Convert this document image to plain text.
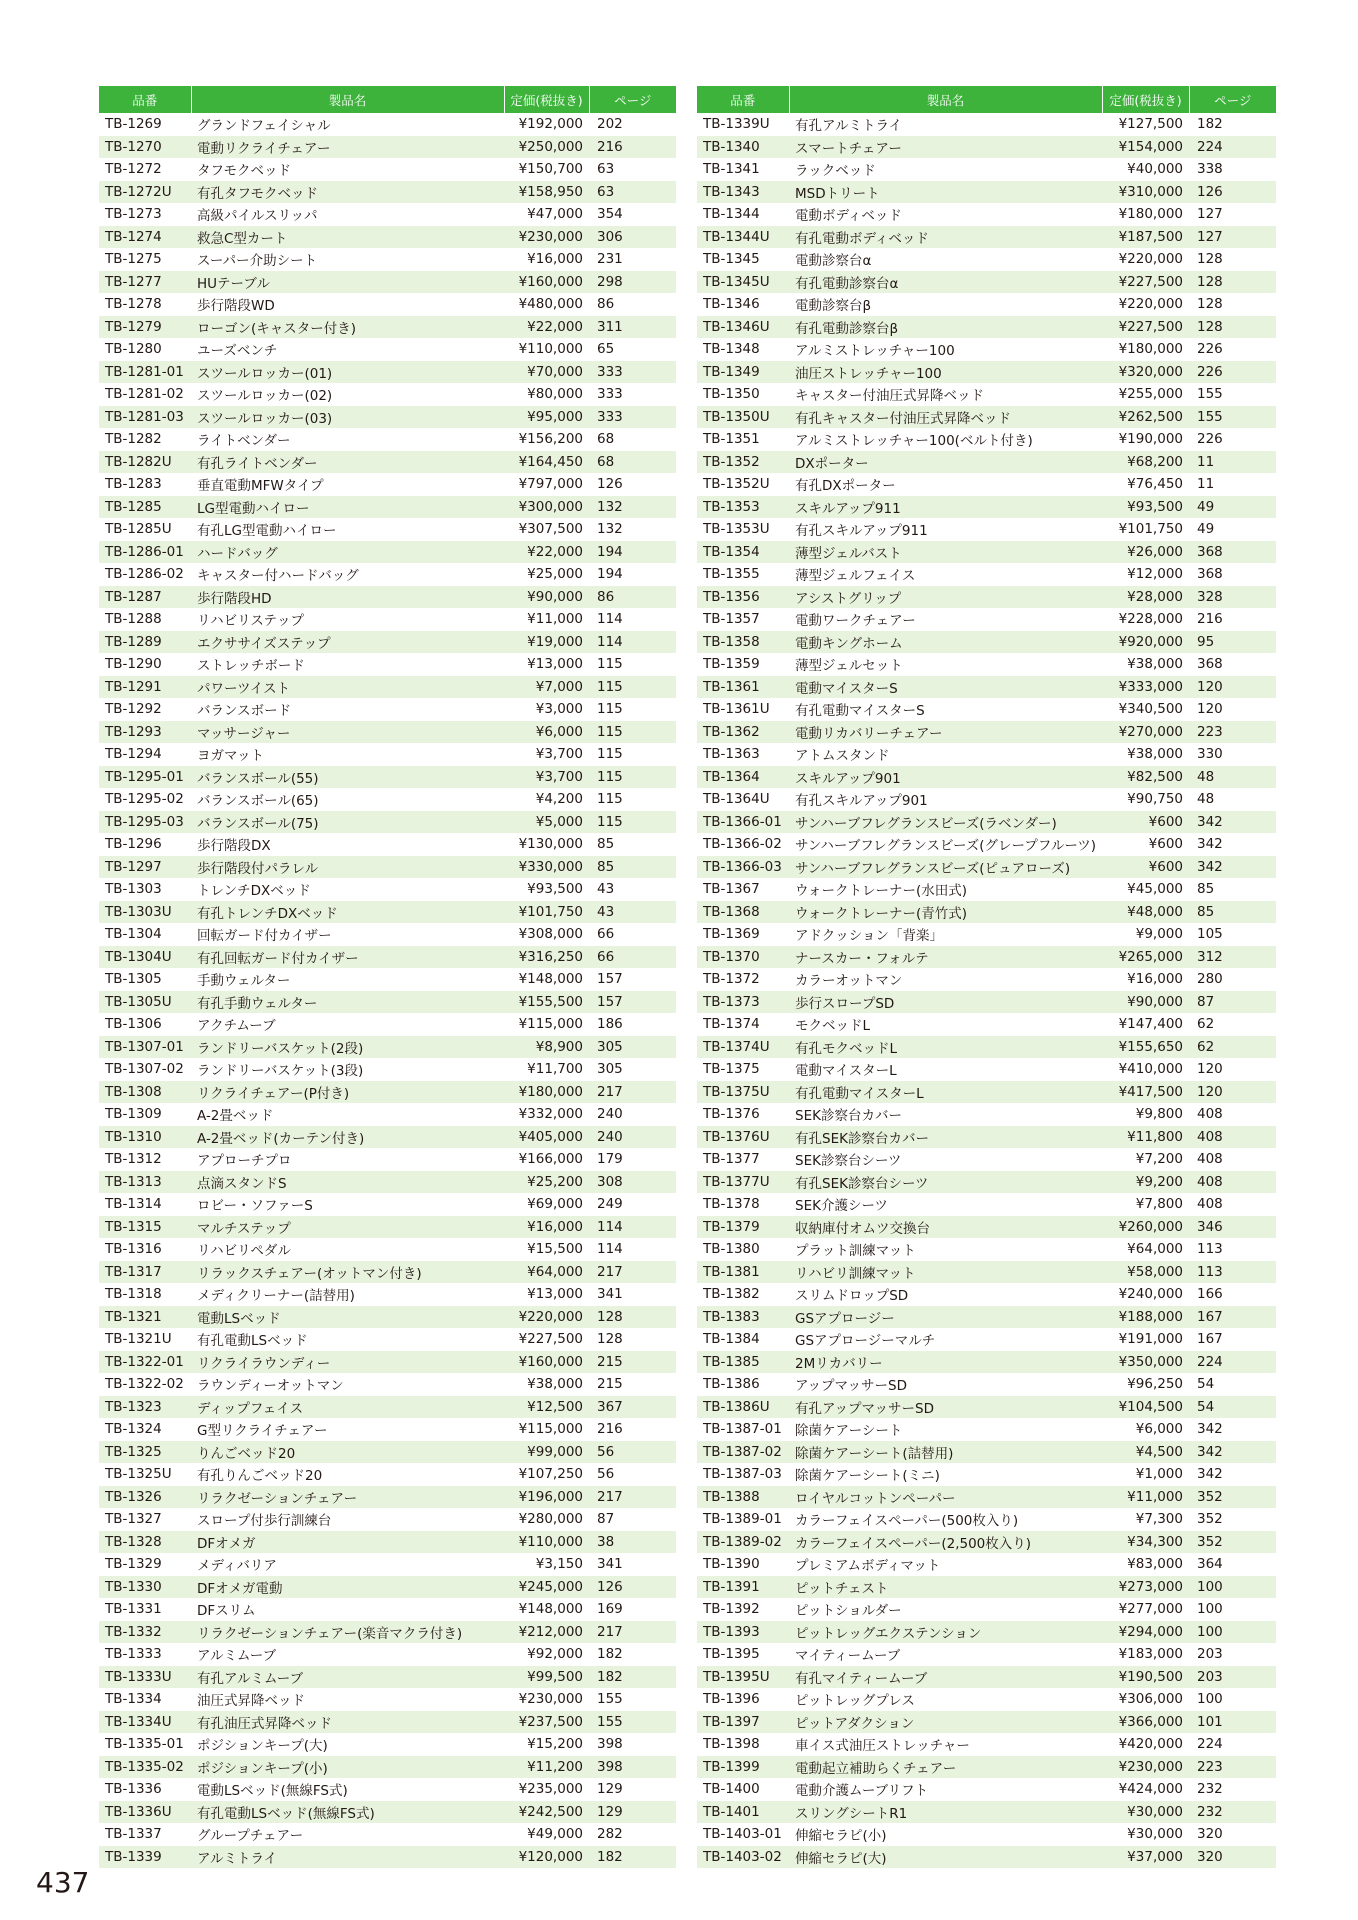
品番	製品名	定価(税抜き)	ページ
TB-1269	グランドフェイシャル	¥192,000	202
TB-1270	電動リクライチェアー	¥250,000	216
TB-1272	タフモクベッド	¥150,700	63
TB-1272U	有孔タフモクベッド	¥158,950	63
TB-1273	高級パイルスリッパ	¥47,000	354
TB-1274	救急C型カート	¥230,000	306
TB-1275	スーパー介助シート	¥16,000	231
TB-1277	HUテーブル	¥160,000	298
TB-1278	歩行階段WD	¥480,000	86
TB-1279	ローゴン(キャスター付き)	¥22,000	311
TB-1280	ユーズベンチ	¥110,000	65
TB-1281-01	スツールロッカー(01)	¥70,000	333
TB-1281-02	スツールロッカー(02)	¥80,000	333
TB-1281-03	スツールロッカー(03)	¥95,000	333
TB-1282	ライトベンダー	¥156,200	68
TB-1282U	有孔ライトベンダー	¥164,450	68
TB-1283	垂直電動MFWタイプ	¥797,000	126
TB-1285	LG型電動ハイロー	¥300,000	132
TB-1285U	有孔LG型電動ハイロー	¥307,500	132
TB-1286-01	ハードバッグ	¥22,000	194
TB-1286-02	キャスター付ハードバッグ	¥25,000	194
TB-1287	歩行階段HD	¥90,000	86
TB-1288	リハビリステップ	¥11,000	114
TB-1289	エクササイズステップ	¥19,000	114
TB-1290	ストレッチボード	¥13,000	115
TB-1291	パワーツイスト	¥7,000	115
TB-1292	バランスボード	¥3,000	115
TB-1293	マッサージャー	¥6,000	115
TB-1294	ヨガマット	¥3,700	115
TB-1295-01	バランスボール(55)	¥3,700	115
TB-1295-02	バランスボール(65)	¥4,200	115
TB-1295-03	バランスボール(75)	¥5,000	115
TB-1296	歩行階段DX	¥130,000	85
TB-1297	歩行階段付パラレル	¥330,000	85
TB-1303	トレンチDXベッド	¥93,500	43
TB-1303U	有孔トレンチDXベッド	¥101,750	43
TB-1304	回転ガード付カイザー	¥308,000	66
TB-1304U	有孔回転ガード付カイザー	¥316,250	66
TB-1305	手動ウェルター	¥148,000	157
TB-1305U	有孔手動ウェルター	¥155,500	157
TB-1306	アクチムーブ	¥115,000	186
TB-1307-01	ランドリーバスケット(2段)	¥8,900	305
TB-1307-02	ランドリーバスケット(3段)	¥11,700	305
TB-1308	リクライチェアー(P付き)	¥180,000	217
TB-1309	A-2畳ベッド	¥332,000	240
TB-1310	A-2畳ベッド(カーテン付き)	¥405,000	240
TB-1312	アプローチプロ	¥166,000	179
TB-1313	点滴スタンドS	¥25,200	308
TB-1314	ロビー・ソファーS	¥69,000	249
TB-1315	マルチステップ	¥16,000	114
TB-1316	リハビリペダル	¥15,500	114
TB-1317	リラックスチェアー(オットマン付き)	¥64,000	217
TB-1318	メディクリーナー(詰替用)	¥13,000	341
TB-1321	電動LSベッド	¥220,000	128
TB-1321U	有孔電動LSベッド	¥227,500	128
TB-1322-01	リクライラウンディー	¥160,000	215
TB-1322-02	ラウンディーオットマン	¥38,000	215
TB-1323	ディップフェイス	¥12,500	367
TB-1324	G型リクライチェアー	¥115,000	216
TB-1325	りんごベッド20	¥99,000	56
TB-1325U	有孔りんごベッド20	¥107,250	56
TB-1326	リラクゼーションチェアー	¥196,000	217
TB-1327	スロープ付歩行訓練台	¥280,000	87
TB-1328	DFオメガ	¥110,000	38
TB-1329	メディバリア	¥3,150	341
TB-1330	DFオメガ電動	¥245,000	126
TB-1331	DFスリム	¥148,000	169
TB-1332	リラクゼーションチェアー(楽音マクラ付き)	¥212,000	217
TB-1333	アルミムーブ	¥92,000	182
TB-1333U	有孔アルミムーブ	¥99,500	182
TB-1334	油圧式昇降ベッド	¥230,000	155
TB-1334U	有孔油圧式昇降ベッド	¥237,500	155
TB-1335-01	ポジションキープ(大)	¥15,200	398
TB-1335-02	ポジションキープ(小)	¥11,200	398
TB-1336	電動LSベッド(無線FS式)	¥235,000	129
TB-1336U	有孔電動LSベッド(無線FS式)	¥242,500	129
TB-1337	グループチェアー	¥49,000	282
TB-1339	アルミトライ	¥120,000	182
品番	製品名	定価(税抜き)	ページ
TB-1339U	有孔アルミトライ	¥127,500	182
TB-1340	スマートチェアー	¥154,000	224
TB-1341	ラックベッド	¥40,000	338
TB-1343	MSDトリート	¥310,000	126
TB-1344	電動ボディベッド	¥180,000	127
TB-1344U	有孔電動ボディベッド	¥187,500	127
TB-1345	電動診察台α	¥220,000	128
TB-1345U	有孔電動診察台α	¥227,500	128
TB-1346	電動診察台β	¥220,000	128
TB-1346U	有孔電動診察台β	¥227,500	128
TB-1348	アルミストレッチャー100	¥180,000	226
TB-1349	油圧ストレッチャー100	¥320,000	226
TB-1350	キャスター付油圧式昇降ベッド	¥255,000	155
TB-1350U	有孔キャスター付油圧式昇降ベッド	¥262,500	155
TB-1351	アルミストレッチャー100(ベルト付き)	¥190,000	226
TB-1352	DXポーター	¥68,200	11
TB-1352U	有孔DXポーター	¥76,450	11
TB-1353	スキルアップ911	¥93,500	49
TB-1353U	有孔スキルアップ911	¥101,750	49
TB-1354	薄型ジェルバスト	¥26,000	368
TB-1355	薄型ジェルフェイス	¥12,000	368
TB-1356	アシストグリップ	¥28,000	328
TB-1357	電動ワークチェアー	¥228,000	216
TB-1358	電動キングホーム	¥920,000	95
TB-1359	薄型ジェルセット	¥38,000	368
TB-1361	電動マイスターS	¥333,000	120
TB-1361U	有孔電動マイスターS	¥340,500	120
TB-1362	電動リカバリーチェアー	¥270,000	223
TB-1363	アトムスタンド	¥38,000	330
TB-1364	スキルアップ901	¥82,500	48
TB-1364U	有孔スキルアップ901	¥90,750	48
TB-1366-01	サンハーブフレグランスビーズ(ラベンダー)	¥600	342
TB-1366-02	サンハーブフレグランスビーズ(グレープフルーツ)	¥600	342
TB-1366-03	サンハーブフレグランスビーズ(ピュアローズ)	¥600	342
TB-1367	ウォークトレーナー(水田式)	¥45,000	85
TB-1368	ウォークトレーナー(青竹式)	¥48,000	85
TB-1369	アドクッション「背楽」	¥9,000	105
TB-1370	ナースカー・フォルテ	¥265,000	312
TB-1372	カラーオットマン	¥16,000	280
TB-1373	歩行スロープSD	¥90,000	87
TB-1374	モクベッドL	¥147,400	62
TB-1374U	有孔モクベッドL	¥155,650	62
TB-1375	電動マイスターL	¥410,000	120
TB-1375U	有孔電動マイスターL	¥417,500	120
TB-1376	SEK診察台カバー	¥9,800	408
TB-1376U	有孔SEK診察台カバー	¥11,800	408
TB-1377	SEK診察台シーツ	¥7,200	408
TB-1377U	有孔SEK診察台シーツ	¥9,200	408
TB-1378	SEK介護シーツ	¥7,800	408
TB-1379	収納庫付オムツ交換台	¥260,000	346
TB-1380	プラット訓練マット	¥64,000	113
TB-1381	リハビリ訓練マット	¥58,000	113
TB-1382	スリムドロップSD	¥240,000	166
TB-1383	GSアプロージー	¥188,000	167
TB-1384	GSアプロージーマルチ	¥191,000	167
TB-1385	2Mリカバリー	¥350,000	224
TB-1386	アップマッサーSD	¥96,250	54
TB-1386U	有孔アップマッサーSD	¥104,500	54
TB-1387-01	除菌ケアーシート	¥6,000	342
TB-1387-02	除菌ケアーシート(詰替用)	¥4,500	342
TB-1387-03	除菌ケアーシート(ミニ)	¥1,000	342
TB-1388	ロイヤルコットンペーパー	¥11,000	352
TB-1389-01	カラーフェイスペーパー(500枚入り)	¥7,300	352
TB-1389-02	カラーフェイスペーパー(2,500枚入り)	¥34,300	352
TB-1390	プレミアムボディマット	¥83,000	364
TB-1391	ピットチェスト	¥273,000	100
TB-1392	ピットショルダー	¥277,000	100
TB-1393	ピットレッグエクステンション	¥294,000	100
TB-1395	マイティームーブ	¥183,000	203
TB-1395U	有孔マイティームーブ	¥190,500	203
TB-1396	ピットレッグプレス	¥306,000	100
TB-1397	ピットアダクション	¥366,000	101
TB-1398	車イス式油圧ストレッチャー	¥420,000	224
TB-1399	電動起立補助らくチェアー	¥230,000	223
TB-1400	電動介護ムーブリフト	¥424,000	232
TB-1401	スリングシートR1	¥30,000	232
TB-1403-01	伸縮セラピ(小)	¥30,000	320
TB-1403-02	伸縮セラピ(大)	¥37,000	320
437
